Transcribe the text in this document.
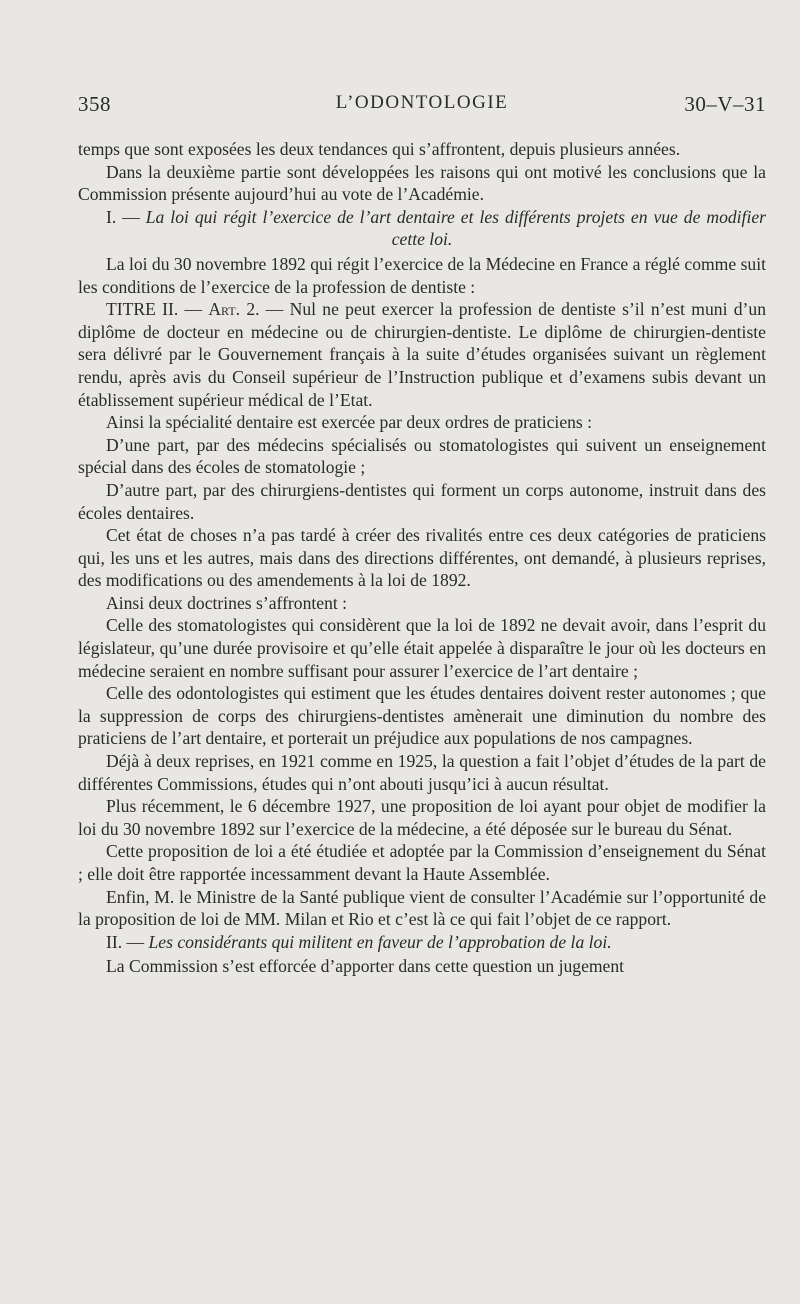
358	L’ODONTOLOGIE	30–V–31

temps que sont exposées les deux tendances qui s’affrontent, depuis plusieurs années.

Dans la deuxième partie sont développées les raisons qui ont motivé les conclusions que la Commission présente aujourd’hui au vote de l’Académie.

I. — La loi qui régit l’exercice de l’art dentaire et les différents projets en vue de modifier cette loi.

La loi du 30 novembre 1892 qui régit l’exercice de la Médecine en France a réglé comme suit les conditions de l’exercice de la profession de dentiste :

TITRE II. — Art. 2. — Nul ne peut exercer la profession de dentiste s’il n’est muni d’un diplôme de docteur en médecine ou de chirurgien-dentiste. Le diplôme de chirurgien-dentiste sera délivré par le Gouvernement français à la suite d’études organisées suivant un règlement rendu, après avis du Conseil supérieur de l’Instruction publique et d’examens subis devant un établissement supérieur médical de l’Etat.

Ainsi la spécialité dentaire est exercée par deux ordres de praticiens :

D’une part, par des médecins spécialisés ou stomatologistes qui suivent un enseignement spécial dans des écoles de stomatologie ;

D’autre part, par des chirurgiens-dentistes qui forment un corps autonome, instruit dans des écoles dentaires.

Cet état de choses n’a pas tardé à créer des rivalités entre ces deux catégories de praticiens qui, les uns et les autres, mais dans des directions différentes, ont demandé, à plusieurs reprises, des modifications ou des amendements à la loi de 1892.

Ainsi deux doctrines s’affrontent :

Celle des stomatologistes qui considèrent que la loi de 1892 ne devait avoir, dans l’esprit du législateur, qu’une durée provisoire et qu’elle était appelée à disparaître le jour où les docteurs en médecine seraient en nombre suffisant pour assurer l’exercice de l’art dentaire ;

Celle des odontologistes qui estiment que les études dentaires doivent rester autonomes ; que la suppression de corps des chirurgiens-dentistes amènerait une diminution du nombre des praticiens de l’art dentaire, et porterait un préjudice aux populations de nos campagnes.

Déjà à deux reprises, en 1921 comme en 1925, la question a fait l’objet d’études de la part de différentes Commissions, études qui n’ont abouti jusqu’ici à aucun résultat.

Plus récemment, le 6 décembre 1927, une proposition de loi ayant pour objet de modifier la loi du 30 novembre 1892 sur l’exercice de la médecine, a été déposée sur le bureau du Sénat.

Cette proposition de loi a été étudiée et adoptée par la Commission d’enseignement du Sénat ; elle doit être rapportée incessamment devant la Haute Assemblée.

Enfin, M. le Ministre de la Santé publique vient de consulter l’Académie sur l’opportunité de la proposition de loi de MM. Milan et Rio et c’est là ce qui fait l’objet de ce rapport.

II. — Les considérants qui militent en faveur de l’approbation de la loi.

La Commission s’est efforcée d’apporter dans cette question un jugement
